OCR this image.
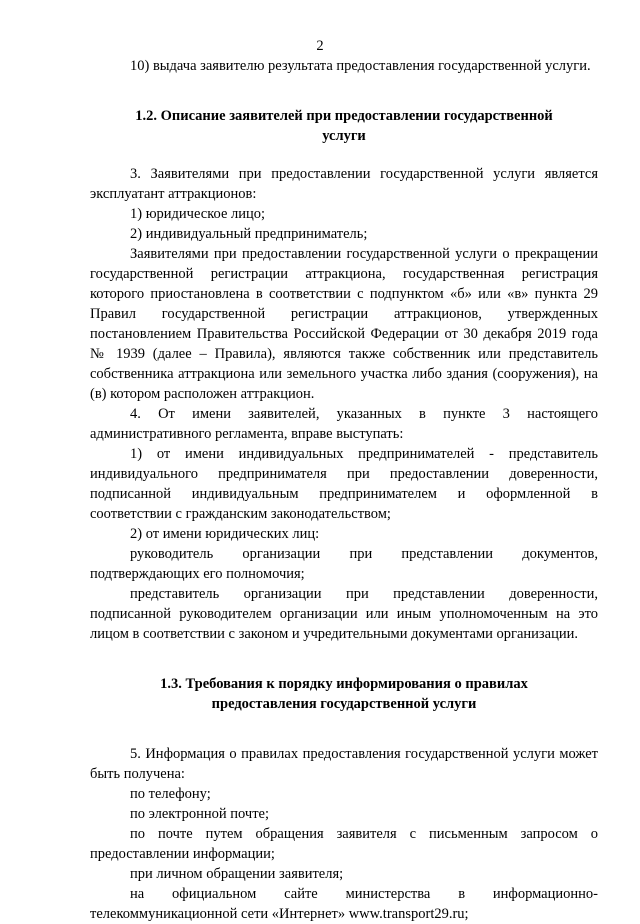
2

10) выдача заявителю результата предоставления государственной услуги.

1.2. Описание заявителей при предоставлении государственной услуги

3. Заявителями при предоставлении государственной услуги является эксплуатант аттракционов:

1) юридическое лицо;

2) индивидуальный предприниматель;

Заявителями при предоставлении государственной услуги о прекращении государственной регистрации аттракциона, государственная регистрация которого приостановлена в соответствии с подпунктом «б» или «в» пункта 29 Правил государственной регистрации аттракционов, утвержденных постановлением Правительства Российской Федерации от 30 декабря 2019 года № 1939 (далее – Правила), являются также собственник или представитель собственника аттракциона или земельного участка либо здания (сооружения), на (в) котором расположен аттракцион.

4. От имени заявителей, указанных в пункте 3 настоящего административного регламента, вправе выступать:

1) от имени индивидуальных предпринимателей - представитель индивидуального предпринимателя при предоставлении доверенности, подписанной индивидуальным предпринимателем и оформленной в соответствии с гражданским законодательством;

2) от имени юридических лиц:

руководитель организации при представлении документов, подтверждающих его полномочия;

представитель организации при представлении доверенности, подписанной руководителем организации или иным уполномоченным на это лицом в соответствии с законом и учредительными документами организации.

1.3. Требования к порядку информирования о правилах предоставления государственной услуги

5. Информация о правилах предоставления государственной услуги может быть получена:

по телефону;

по электронной почте;

по почте путем обращения заявителя с письменным запросом о предоставлении информации;

при личном обращении заявителя;

на официальном сайте министерства в информационно-телекоммуникационной сети «Интернет» www.transport29.ru;
